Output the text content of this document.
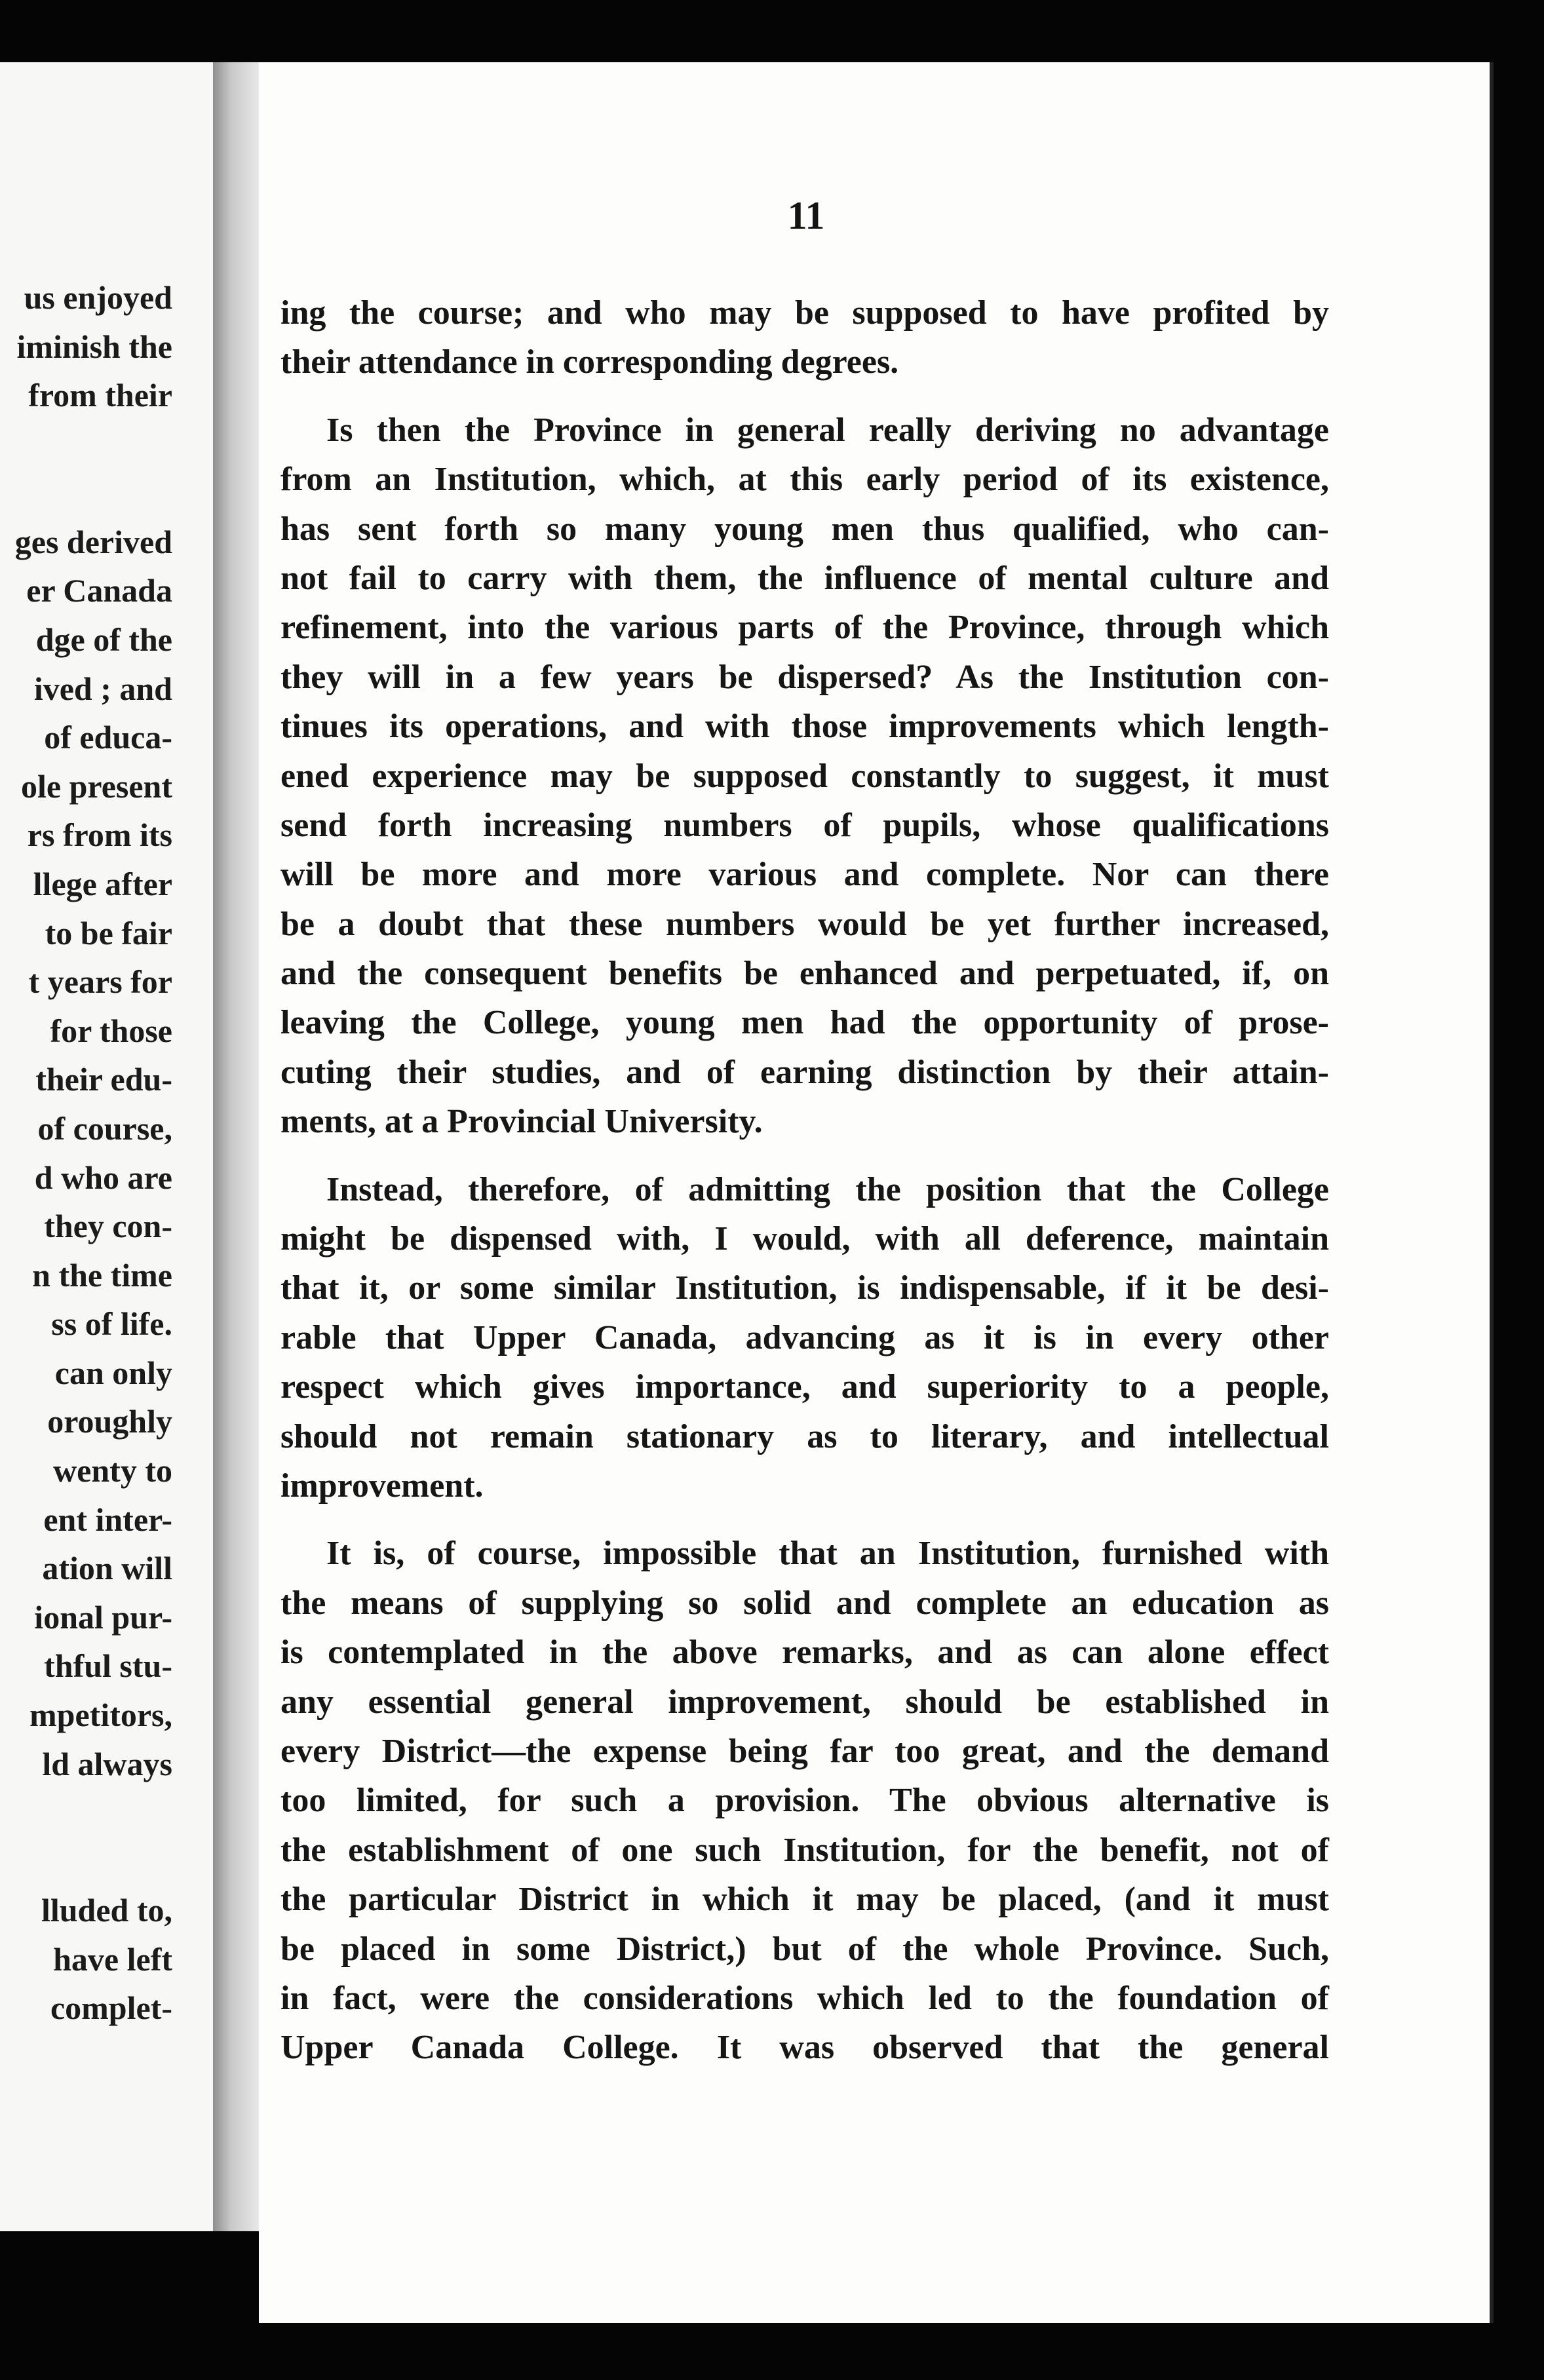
us enjoyed
iminish the
from their
ges derived
er Canada
dge of the
ived ; and
of educa-
ole present
rs from its
llege after
to be fair
t years for
for those
their edu-
of course,
d who are
they con-
n the time
ss of life.
can only
oroughly
wenty to
ent inter-
ation will
ional pur-
thful stu-
mpetitors,
ld always
lluded to,
have left
complet-

11

ing the course; and who may be supposed to have profited by
their attendance in corresponding degrees.

Is then the Province in general really deriving no advantage
from an Institution, which, at this early period of its existence,
has sent forth so many young men thus qualified, who can-
not fail to carry with them, the influence of mental culture and
refinement, into the various parts of the Province, through which
they will in a few years be dispersed? As the Institution con-
tinues its operations, and with those improvements which length-
ened experience may be supposed constantly to suggest, it must
send forth increasing numbers of pupils, whose qualifications
will be more and more various and complete. Nor can there
be a doubt that these numbers would be yet further increased,
and the consequent benefits be enhanced and perpetuated, if, on
leaving the College, young men had the opportunity of prose-
cuting their studies, and of earning distinction by their attain-
ments, at a Provincial University.

Instead, therefore, of admitting the position that the College
might be dispensed with, I would, with all deference, maintain
that it, or some similar Institution, is indispensable, if it be desi-
rable that Upper Canada, advancing as it is in every other
respect which gives importance, and superiority to a people,
should not remain stationary as to literary, and intellectual
improvement.

It is, of course, impossible that an Institution, furnished with
the means of supplying so solid and complete an education as
is contemplated in the above remarks, and as can alone effect
any essential general improvement, should be established in
every District—the expense being far too great, and the demand
too limited, for such a provision. The obvious alternative is
the establishment of one such Institution, for the benefit, not of
the particular District in which it may be placed, (and it must
be placed in some District,) but of the whole Province. Such,
in fact, were the considerations which led to the foundation of
Upper Canada College. It was observed that the general
